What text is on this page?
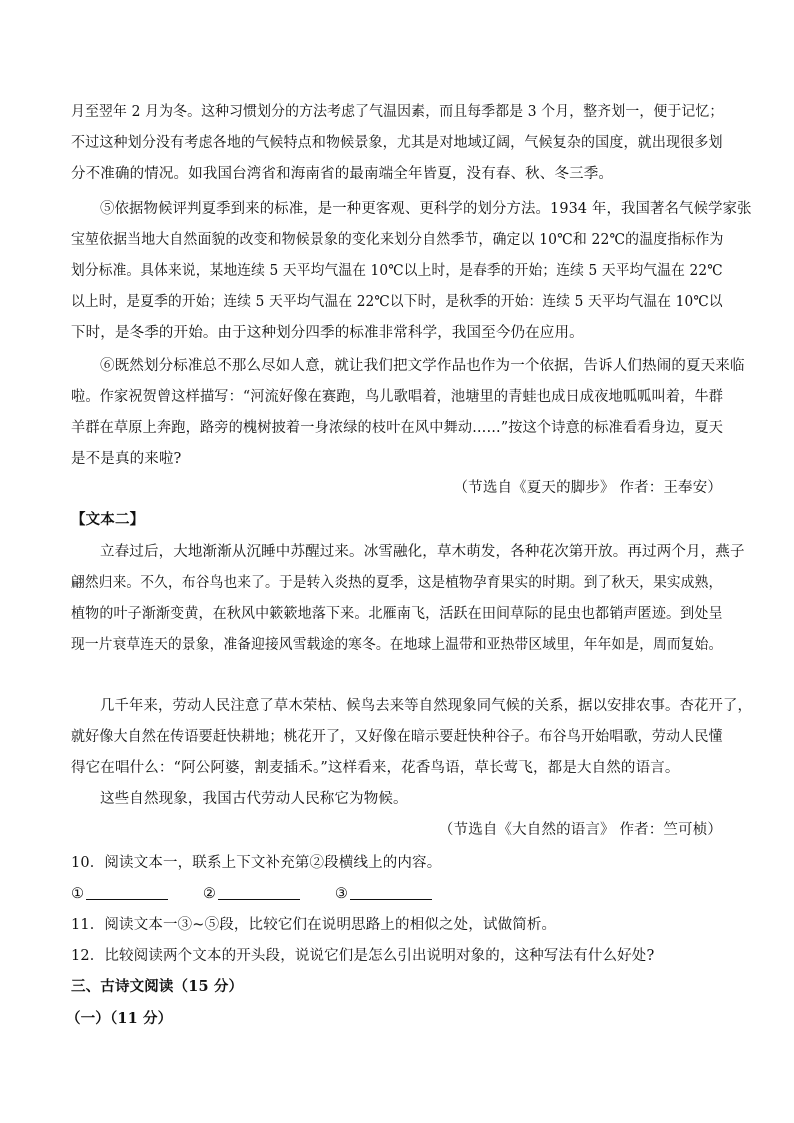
月至翌年 2 月为冬。这种习惯划分的方法考虑了气温因素，而且每季都是 3 个月，整齐划一，便于记忆；
不过这种划分没有考虑各地的气候特点和物候景象，尤其是对地域辽阔，气候复杂的国度，就出现很多划
分不准确的情况。如我国台湾省和海南省的最南端全年皆夏，没有春、秋、冬三季。
⑤依据物候评判夏季到来的标准，是一种更客观、更科学的划分方法。1934 年，我国著名气候学家张
宝堃依据当地大自然面貌的改变和物候景象的变化来划分自然季节，确定以 10℃和 22℃的温度指标作为
划分标准。具体来说，某地连续 5 天平均气温在 10℃以上时，是春季的开始；连续 5 天平均气温在 22℃
以上时，是夏季的开始；连续 5 天平均气温在 22℃以下时，是秋季的开始：连续 5 天平均气温在 10℃以
下时，是冬季的开始。由于这种划分四季的标准非常科学，我国至今仍在应用。
⑥既然划分标准总不那么尽如人意，就让我们把文学作品也作为一个依据，告诉人们热闹的夏天来临
啦。作家祝贺曾这样描写：“河流好像在赛跑，鸟儿歌唱着，池塘里的青蛙也成日成夜地呱呱叫着，牛群
羊群在草原上奔跑，路旁的槐树披着一身浓绿的枝叶在风中舞动……”按这个诗意的标准看看身边，夏天
是不是真的来啦?
（节选自《夏天的脚步》 作者：王奉安）
【文本二】
立春过后，大地渐渐从沉睡中苏醒过来。冰雪融化，草木萌发，各种花次第开放。再过两个月，燕子
翩然归来。不久，布谷鸟也来了。于是转入炎热的夏季，这是植物孕育果实的时期。到了秋天，果实成熟，
植物的叶子渐渐变黄，在秋风中簌簌地落下来。北雁南飞，活跃在田间草际的昆虫也都销声匿迹。到处呈
现一片衰草连天的景象，准备迎接风雪载途的寒冬。在地球上温带和亚热带区域里，年年如是，周而复始。
几千年来，劳动人民注意了草木荣枯、候鸟去来等自然现象同气候的关系，据以安排农事。杏花开了，
就好像大自然在传语要赶快耕地；桃花开了，又好像在暗示要赶快种谷子。布谷鸟开始唱歌，劳动人民懂
得它在唱什么：“阿公阿婆，割麦插禾。”这样看来，花香鸟语，草长莺飞，都是大自然的语言。
这些自然现象，我国古代劳动人民称它为物候。
（节选自《大自然的语言》 作者：竺可桢）
10．阅读文本一，联系上下文补充第②段横线上的内容。
①	②	③
11．阅读文本一③~⑤段，比较它们在说明思路上的相似之处，试做简析。
12．比较阅读两个文本的开头段，说说它们是怎么引出说明对象的，这种写法有什么好处?
三、古诗文阅读（15 分）
（一）（11 分）
